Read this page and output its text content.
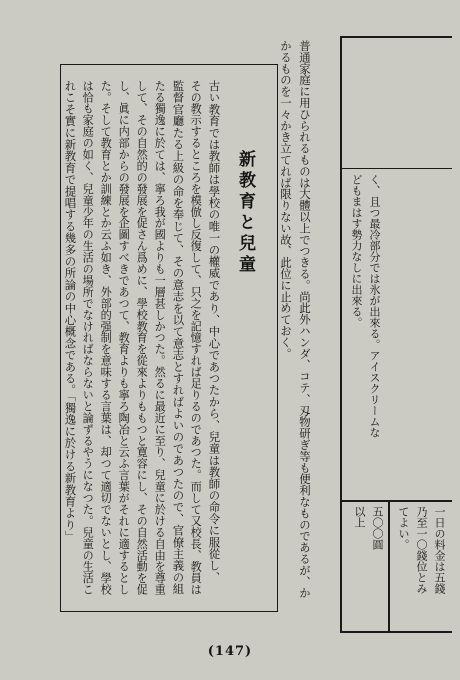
普通家庭に用ひられるものは大體以上でつきる。尚此外ハンダ、コテ、刄物研ぎ等も便利なものであるが、か
かるものを一々かき立てれば限りない故、此位に止めておく。	く、且つ最冷部分では氷が出來る。アイスクリームな
どもまはす勢力なしに出來る。
一日の料金は五錢
乃至一〇錢位とみ
てよい。
五〇〇圓
以上
新教育と兒童
古い教育では教師は學校の唯一の權威であり、中心であつたから、兒童は教師の命令に服從し、
その教示するところを模倣し反復して、只之を記憶すれば足りるのであつた。而して又校長、教員は
監督官廳たる上級の命を奉じて、その意志を以て意志とすればよいのであつたので、官僚主義の組
たる獨逸に於ては、寧ろ我が國よりも一層甚しかつた。然るに最近に至り、兒童に於ける自由を尊重
して、その自然的の發展を促さん爲めに、學校教育を從來よりももつと寛容にし、その自然活動を促
し、眞に内部からの發展を企圖すべきであつて、教育よりも寧ろ陶冶と云ふ言葉がそれに適するとし
た。そして教育とか訓練とか云ふ如き、外部的强制を意味する言葉は、却つて適切でないとし、學校
は恰も家庭の如く、兒童少年の生活の場所でなければならないと論ずるやうになつた。兒童の生活こ
れこそ實に新教育で提唱する幾多の所論の中心概念である。「獨逸に於ける新教育より」
(147)
